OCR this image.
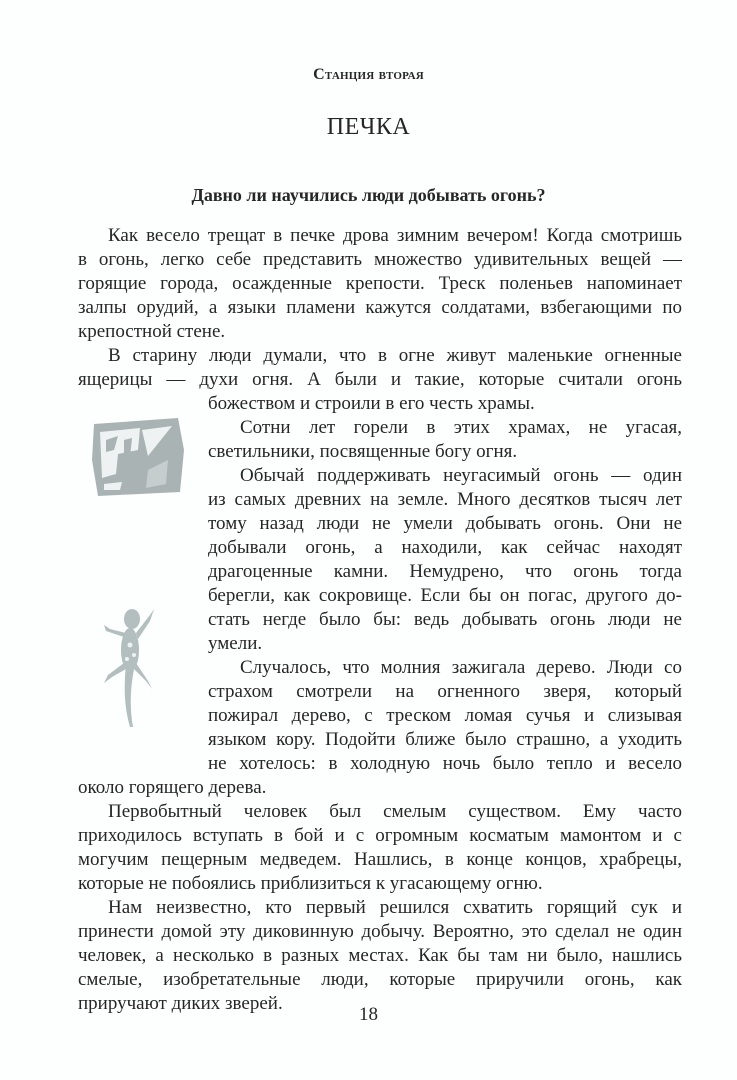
Станция вторая
ПЕЧКА
Давно ли научились люди добывать огонь?
Как весело трещат в печке дрова зимним вечером! Когда смотришь
в огонь, легко себе представить множество удивительных вещей —
горящие города, осажденные крепости. Треск поленьев напоминает
залпы орудий, а языки пламени кажутся солдатами, взбегающими по
крепостной стене.
В старину люди думали, что в огне живут маленькие огненные
ящерицы — духи огня. А были и такие, которые считали огонь
божеством и строили в его честь храмы.
Сотни лет горели в этих храмах, не угасая,
светильники, посвященные богу огня.
Обычай поддерживать неугасимый огонь — один
из самых древних на земле. Много десятков тысяч лет
тому назад люди не умели добывать огонь. Они не
добывали огонь, а находили, как сейчас находят
драгоценные камни. Немудрено, что огонь тогда
берегли, как сокровище. Если бы он погас, другого до-
стать негде было бы: ведь добывать огонь люди не
умели.
Случалось, что молния зажигала дерево. Люди со
страхом смотрели на огненного зверя, который
пожирал дерево, с треском ломая сучья и слизывая
языком кору. Подойти ближе было страшно, а уходить
не хотелось: в холодную ночь было тепло и весело
около горящего дерева.
Первобытный человек был смелым существом. Ему часто
приходилось вступать в бой и с огромным косматым мамонтом и с
могучим пещерным медведем. Нашлись, в конце концов, храбрецы,
которые не побоялись приблизиться к угасающему огню.
Нам неизвестно, кто первый решился схватить горящий сук и
принести домой эту диковинную добычу. Вероятно, это сделал не один
человек, а несколько в разных местах. Как бы там ни было, нашлись
смелые, изобретательные люди, которые приручили огонь, как
приручают диких зверей.
18
